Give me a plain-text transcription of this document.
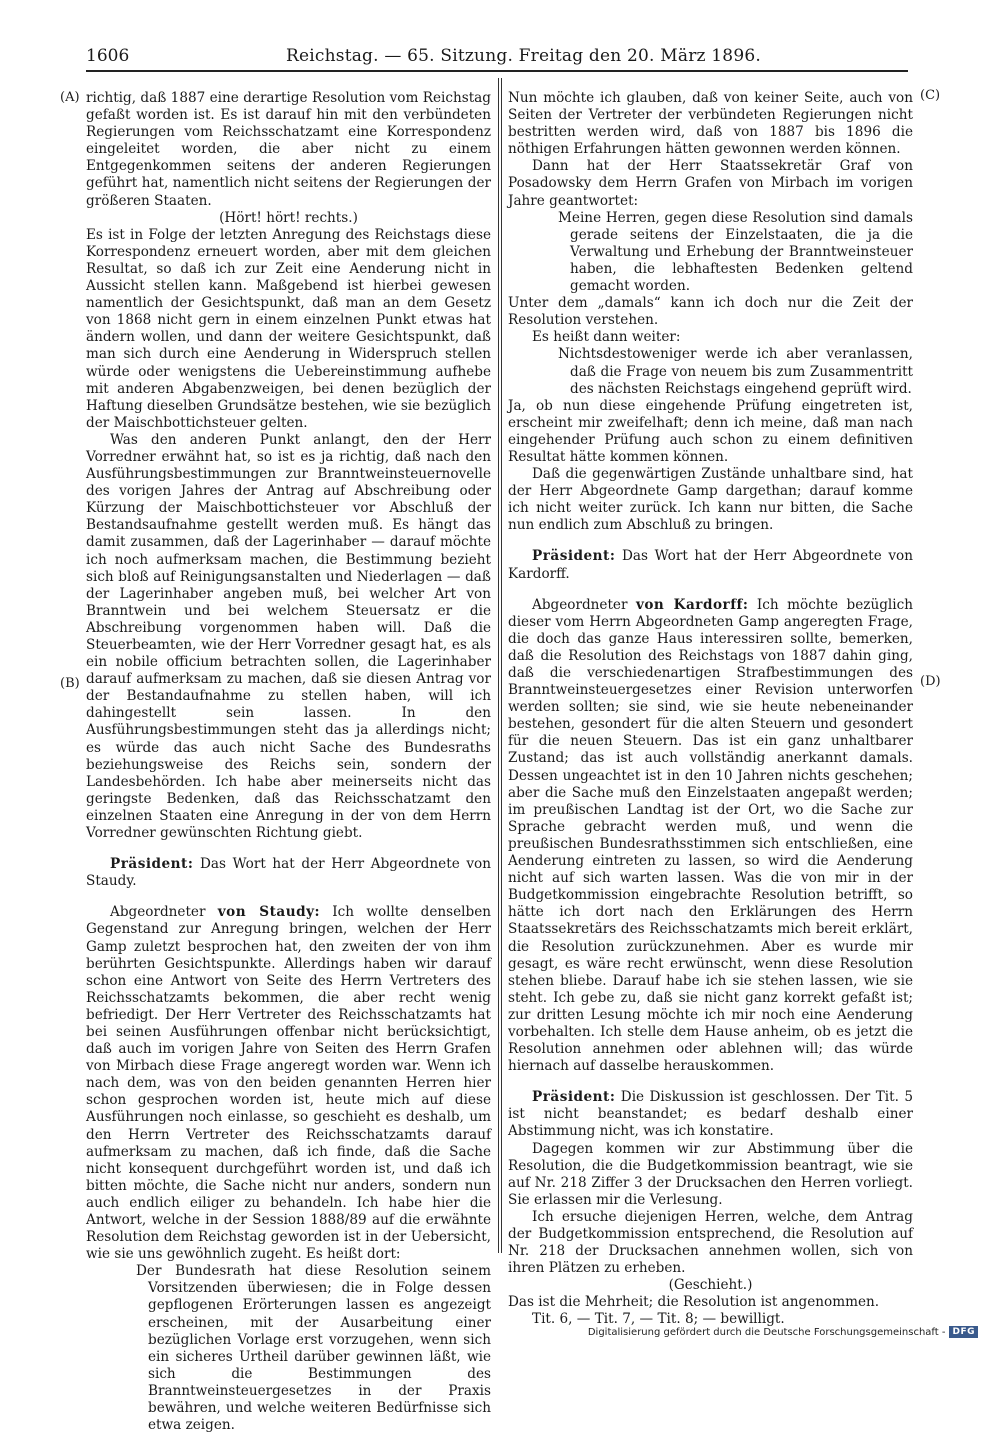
1606	Reichstag. — 65. Sitzung. Freitag den 20. März 1896.
(A)
(B)
(C)
(D)

richtig, daß 1887 eine derartige Resolution vom Reichstag gefaßt worden ist. Es ist darauf hin mit den verbündeten Regierungen vom Reichsschatzamt eine Korrespondenz eingeleitet worden, die aber nicht zu einem Entgegenkommen seitens der anderen Regierungen geführt hat, namentlich nicht seitens der Regierungen der größeren Staaten.

(Hört! hört! rechts.)

Es ist in Folge der letzten Anregung des Reichstags diese Korrespondenz erneuert worden, aber mit dem gleichen Resultat, so daß ich zur Zeit eine Aenderung nicht in Aussicht stellen kann. Maßgebend ist hierbei gewesen namentlich der Gesichtspunkt, daß man an dem Gesetz von 1868 nicht gern in einem einzelnen Punkt etwas hat ändern wollen, und dann der weitere Gesichtspunkt, daß man sich durch eine Aenderung in Widerspruch stellen würde oder wenigstens die Uebereinstimmung aufhebe mit anderen Abgabenzweigen, bei denen bezüglich der Haftung dieselben Grundsätze bestehen, wie sie bezüglich der Maischbottichsteuer gelten.

Was den anderen Punkt anlangt, den der Herr Vorredner erwähnt hat, so ist es ja richtig, daß nach den Ausführungsbestimmungen zur Branntweinsteuernovelle des vorigen Jahres der Antrag auf Abschreibung oder Kürzung der Maischbottichsteuer vor Abschluß der Bestandsaufnahme gestellt werden muß. Es hängt das damit zusammen, daß der Lagerinhaber — darauf möchte ich noch aufmerksam machen, die Bestimmung bezieht sich bloß auf Reinigungsanstalten und Niederlagen — daß der Lagerinhaber angeben muß, bei welcher Art von Branntwein und bei welchem Steuersatz er die Abschreibung vorgenommen haben will. Daß die Steuerbeamten, wie der Herr Vorredner gesagt hat, es als ein nobile officium betrachten sollen, die Lagerinhaber darauf aufmerksam zu machen, daß sie diesen Antrag vor der Bestandaufnahme zu stellen haben, will ich dahingestellt sein lassen. In den Ausführungsbestimmungen steht das ja allerdings nicht; es würde das auch nicht Sache des Bundesraths beziehungsweise des Reichs sein, sondern der Landesbehörden. Ich habe aber meinerseits nicht das geringste Bedenken, daß das Reichsschatzamt den einzelnen Staaten eine Anregung in der von dem Herrn Vorredner gewünschten Richtung giebt.

Präsident: Das Wort hat der Herr Abgeordnete von Staudy.

Abgeordneter von Staudy: Ich wollte denselben Gegenstand zur Anregung bringen, welchen der Herr Gamp zuletzt besprochen hat, den zweiten der von ihm berührten Gesichtspunkte. Allerdings haben wir darauf schon eine Antwort von Seite des Herrn Vertreters des Reichsschatzamts bekommen, die aber recht wenig befriedigt. Der Herr Vertreter des Reichsschatzamts hat bei seinen Ausführungen offenbar nicht berücksichtigt, daß auch im vorigen Jahre von Seiten des Herrn Grafen von Mirbach diese Frage angeregt worden war. Wenn ich nach dem, was von den beiden genannten Herren hier schon gesprochen worden ist, heute mich auf diese Ausführungen noch einlasse, so geschieht es deshalb, um den Herrn Vertreter des Reichsschatzamts darauf aufmerksam zu machen, daß ich finde, daß die Sache nicht konsequent durchgeführt worden ist, und daß ich bitten möchte, die Sache nicht nur anders, sondern nun auch endlich eiliger zu behandeln. Ich habe hier die Antwort, welche in der Session 1888/89 auf die erwähnte Resolution dem Reichstag geworden ist in der Uebersicht, wie sie uns gewöhnlich zugeht. Es heißt dort:

Der Bundesrath hat diese Resolution seinem Vorsitzenden überwiesen; die in Folge dessen gepflogenen Erörterungen lassen es angezeigt erscheinen, mit der Ausarbeitung einer bezüglichen Vorlage erst vorzugehen, wenn sich ein sicheres Urtheil darüber gewinnen läßt, wie sich die Bestimmungen des Branntweinsteuergesetzes in der Praxis bewähren, und welche weiteren Bedürfnisse sich etwa zeigen.

Nun möchte ich glauben, daß von keiner Seite, auch von Seiten der Vertreter der verbündeten Regierungen nicht bestritten werden wird, daß von 1887 bis 1896 die nöthigen Erfahrungen hätten gewonnen werden können.

Dann hat der Herr Staatssekretär Graf von Posadowsky dem Herrn Grafen von Mirbach im vorigen Jahre geantwortet:

Meine Herren, gegen diese Resolution sind damals gerade seitens der Einzelstaaten, die ja die Verwaltung und Erhebung der Branntweinsteuer haben, die lebhaftesten Bedenken geltend gemacht worden.

Unter dem „damals“ kann ich doch nur die Zeit der Resolution verstehen.

Es heißt dann weiter:

Nichtsdestoweniger werde ich aber veranlassen, daß die Frage von neuem bis zum Zusammentritt des nächsten Reichstags eingehend geprüft wird.

Ja, ob nun diese eingehende Prüfung eingetreten ist, erscheint mir zweifelhaft; denn ich meine, daß man nach eingehender Prüfung auch schon zu einem definitiven Resultat hätte kommen können.

Daß die gegenwärtigen Zustände unhaltbare sind, hat der Herr Abgeordnete Gamp dargethan; darauf komme ich nicht weiter zurück. Ich kann nur bitten, die Sache nun endlich zum Abschluß zu bringen.

Präsident: Das Wort hat der Herr Abgeordnete von Kardorff.

Abgeordneter von Kardorff: Ich möchte bezüglich dieser vom Herrn Abgeordneten Gamp angeregten Frage, die doch das ganze Haus interessiren sollte, bemerken, daß die Resolution des Reichstags von 1887 dahin ging, daß die verschiedenartigen Strafbestimmungen des Branntweinsteuergesetzes einer Revision unterworfen werden sollten; sie sind, wie sie heute nebeneinander bestehen, gesondert für die alten Steuern und gesondert für die neuen Steuern. Das ist ein ganz unhaltbarer Zustand; das ist auch vollständig anerkannt damals. Dessen ungeachtet ist in den 10 Jahren nichts geschehen; aber die Sache muß den Einzelstaaten angepaßt werden; im preußischen Landtag ist der Ort, wo die Sache zur Sprache gebracht werden muß, und wenn die preußischen Bundesrathsstimmen sich entschließen, eine Aenderung eintreten zu lassen, so wird die Aenderung nicht auf sich warten lassen. Was die von mir in der Budgetkommission eingebrachte Resolution betrifft, so hätte ich dort nach den Erklärungen des Herrn Staatssekretärs des Reichsschatzamts mich bereit erklärt, die Resolution zurückzunehmen. Aber es wurde mir gesagt, es wäre recht erwünscht, wenn diese Resolution stehen bliebe. Darauf habe ich sie stehen lassen, wie sie steht. Ich gebe zu, daß sie nicht ganz korrekt gefaßt ist; zur dritten Lesung möchte ich mir noch eine Aenderung vorbehalten. Ich stelle dem Hause anheim, ob es jetzt die Resolution annehmen oder ablehnen will; das würde hiernach auf dasselbe herauskommen.

Präsident: Die Diskussion ist geschlossen. Der Tit. 5 ist nicht beanstandet; es bedarf deshalb einer Abstimmung nicht, was ich konstatire.

Dagegen kommen wir zur Abstimmung über die Resolution, die die Budgetkommission beantragt, wie sie auf Nr. 218 Ziffer 3 der Drucksachen den Herren vorliegt. Sie erlassen mir die Verlesung.

Ich ersuche diejenigen Herren, welche, dem Antrag der Budgetkommission entsprechend, die Resolution auf Nr. 218 der Drucksachen annehmen wollen, sich von ihren Plätzen zu erheben.

(Geschieht.)

Das ist die Mehrheit; die Resolution ist angenommen.

Tit. 6, — Tit. 7, — Tit. 8; — bewilligt.

Digitalisierung gefördert durch die Deutsche Forschungsgemeinschaft - DFG
